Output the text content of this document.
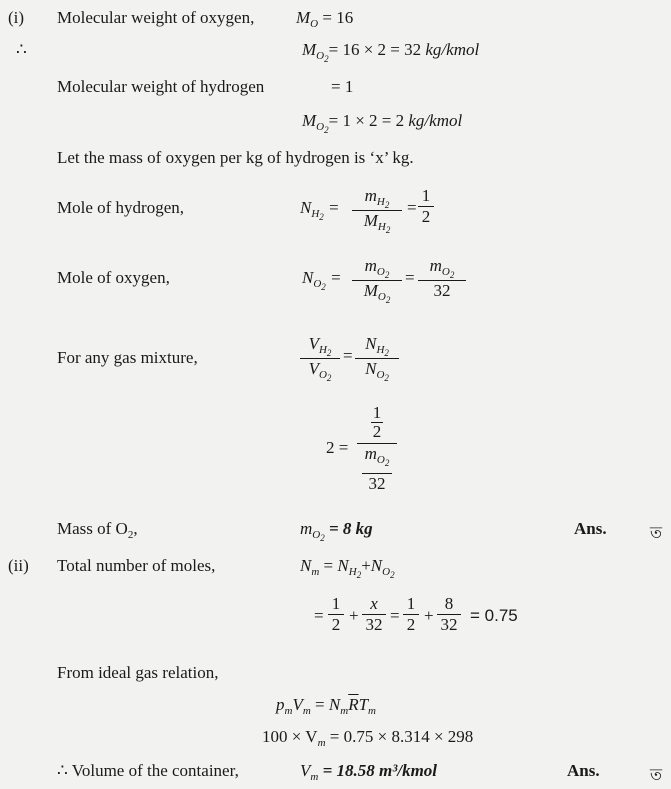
(i) Molecular weight of oxygen, $M_O = 16$
∴	$M_{O_2}= 16 \times 2 = 32$ kg/kmol
Molecular weight of hydrogen	= 1
$M_{O_2}= 1 \times 2 = 2$ kg/kmol
Let the mass of oxygen per kg of hydrogen is ‘x’ kg.
Mole of hydrogen,	$N_{H_2}$ =
$m_{H_2}$
$M_{H_2}$
=
1
2
Mole of oxygen,	$N_{O_2}$ =
$m_{O_2}$
$M_{O_2}$
=
$m_{O_2}$
32
For any gas mixture,
$V_{H_2}$
$V_{O_2}$
=
$N_{H_2}$
$N_{O_2}$
2 =
1
2
$m_{O_2}$
32
Mass of $O_2$,	$m_{O_2} = 8$ kg	Ans.	ত
(ii) Total number of moles,	$N_m = N_{H_2}+N_{O_2}$
=
1
2 +
x
32 =
1
2 +
8
32 = 0.75
From ideal gas relation,
$p_mV_m = N_m\overline{R}T_m$
$100 \times V_m = 0.75 \times 8.314 \times 298$
∴ Volume of the container,	$V_m = 18.58$ m³/kmol	Ans.	ত
